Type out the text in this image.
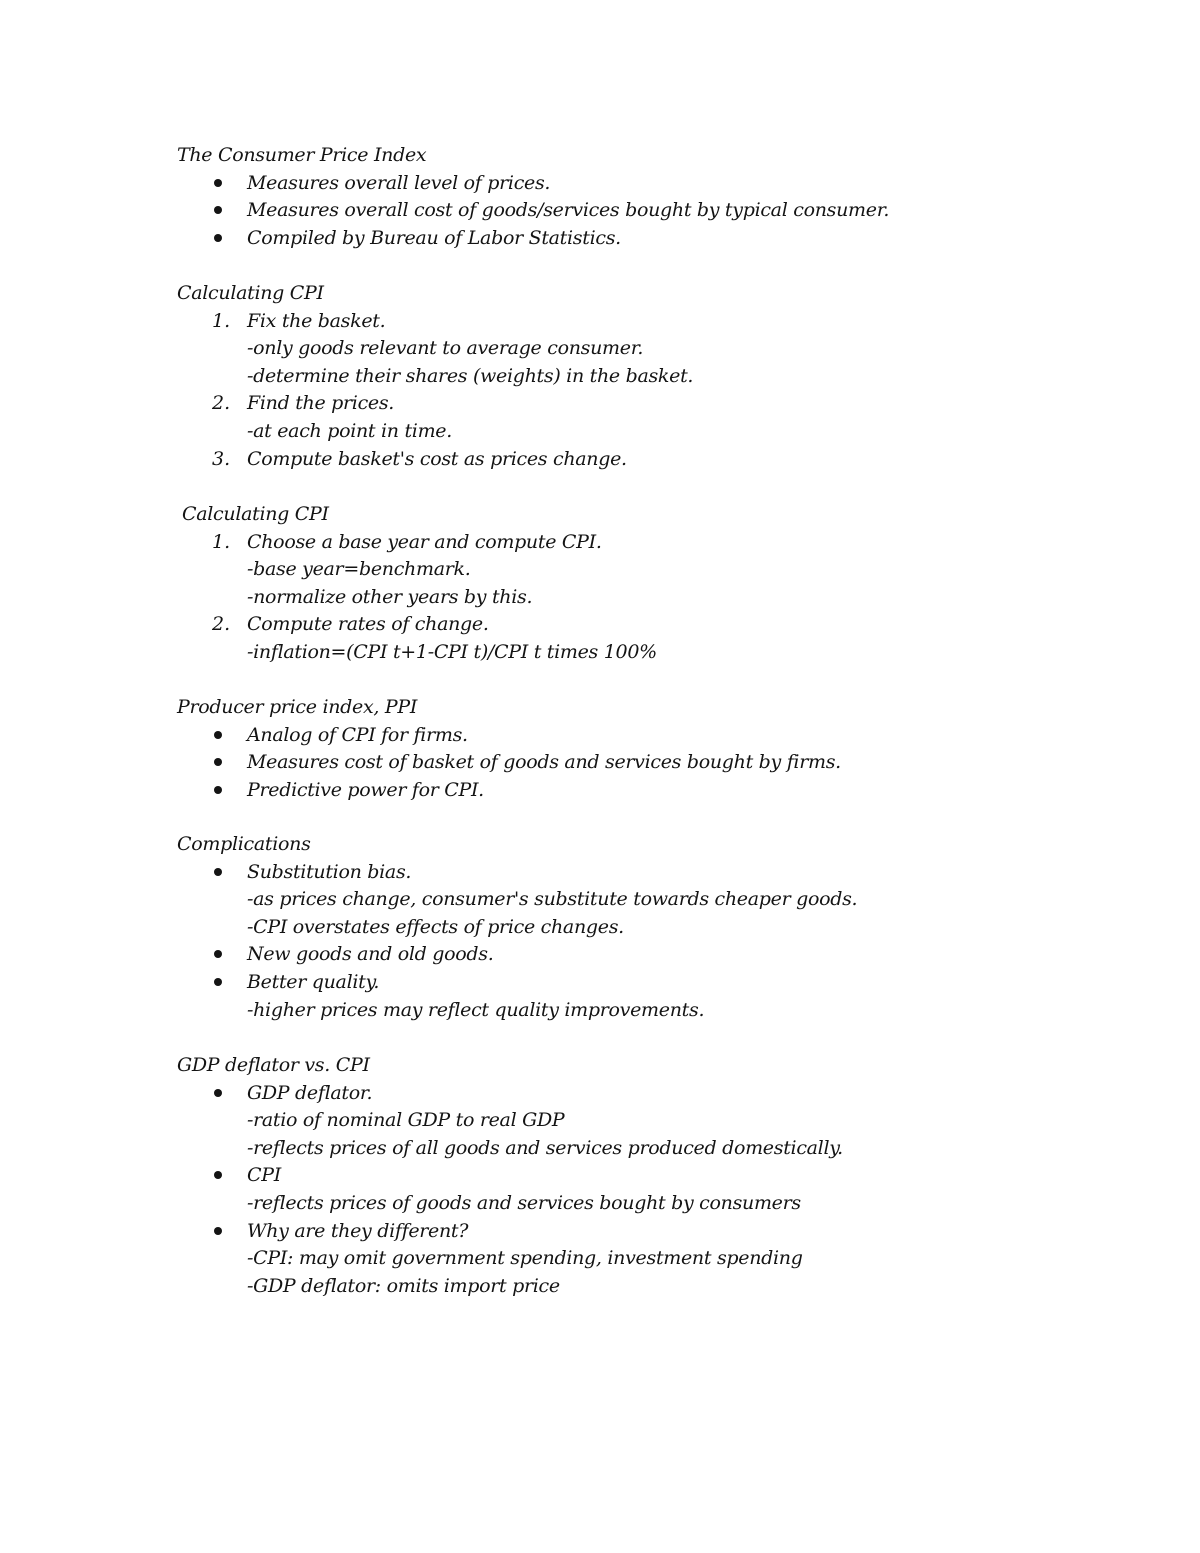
The Consumer Price Index
Measures overall level of prices.
Measures overall cost of goods/services bought by typical consumer.
Compiled by Bureau of Labor Statistics.
Calculating CPI
1. Fix the basket.
-only goods relevant to average consumer.
-determine their shares (weights) in the basket.
2. Find the prices.
-at each point in time.
3. Compute basket's cost as prices change.
Calculating CPI
1. Choose a base year and compute CPI.
-base year=benchmark.
-normalize other years by this.
2. Compute rates of change.
-inflation=(CPI t+1-CPI t)/CPI t times 100%
Producer price index, PPI
Analog of CPI for firms.
Measures cost of basket of goods and services bought by firms.
Predictive power for CPI.
Complications
Substitution bias.
-as prices change, consumer's substitute towards cheaper goods.
-CPI overstates effects of price changes.
New goods and old goods.
Better quality.
-higher prices may reflect quality improvements.
GDP deflator vs. CPI
GDP deflator.
-ratio of nominal GDP to real GDP
-reflects prices of all goods and services produced domestically.
CPI
-reflects prices of goods and services bought by consumers
Why are they different?
-CPI: may omit government spending, investment spending
-GDP deflator: omits import price
